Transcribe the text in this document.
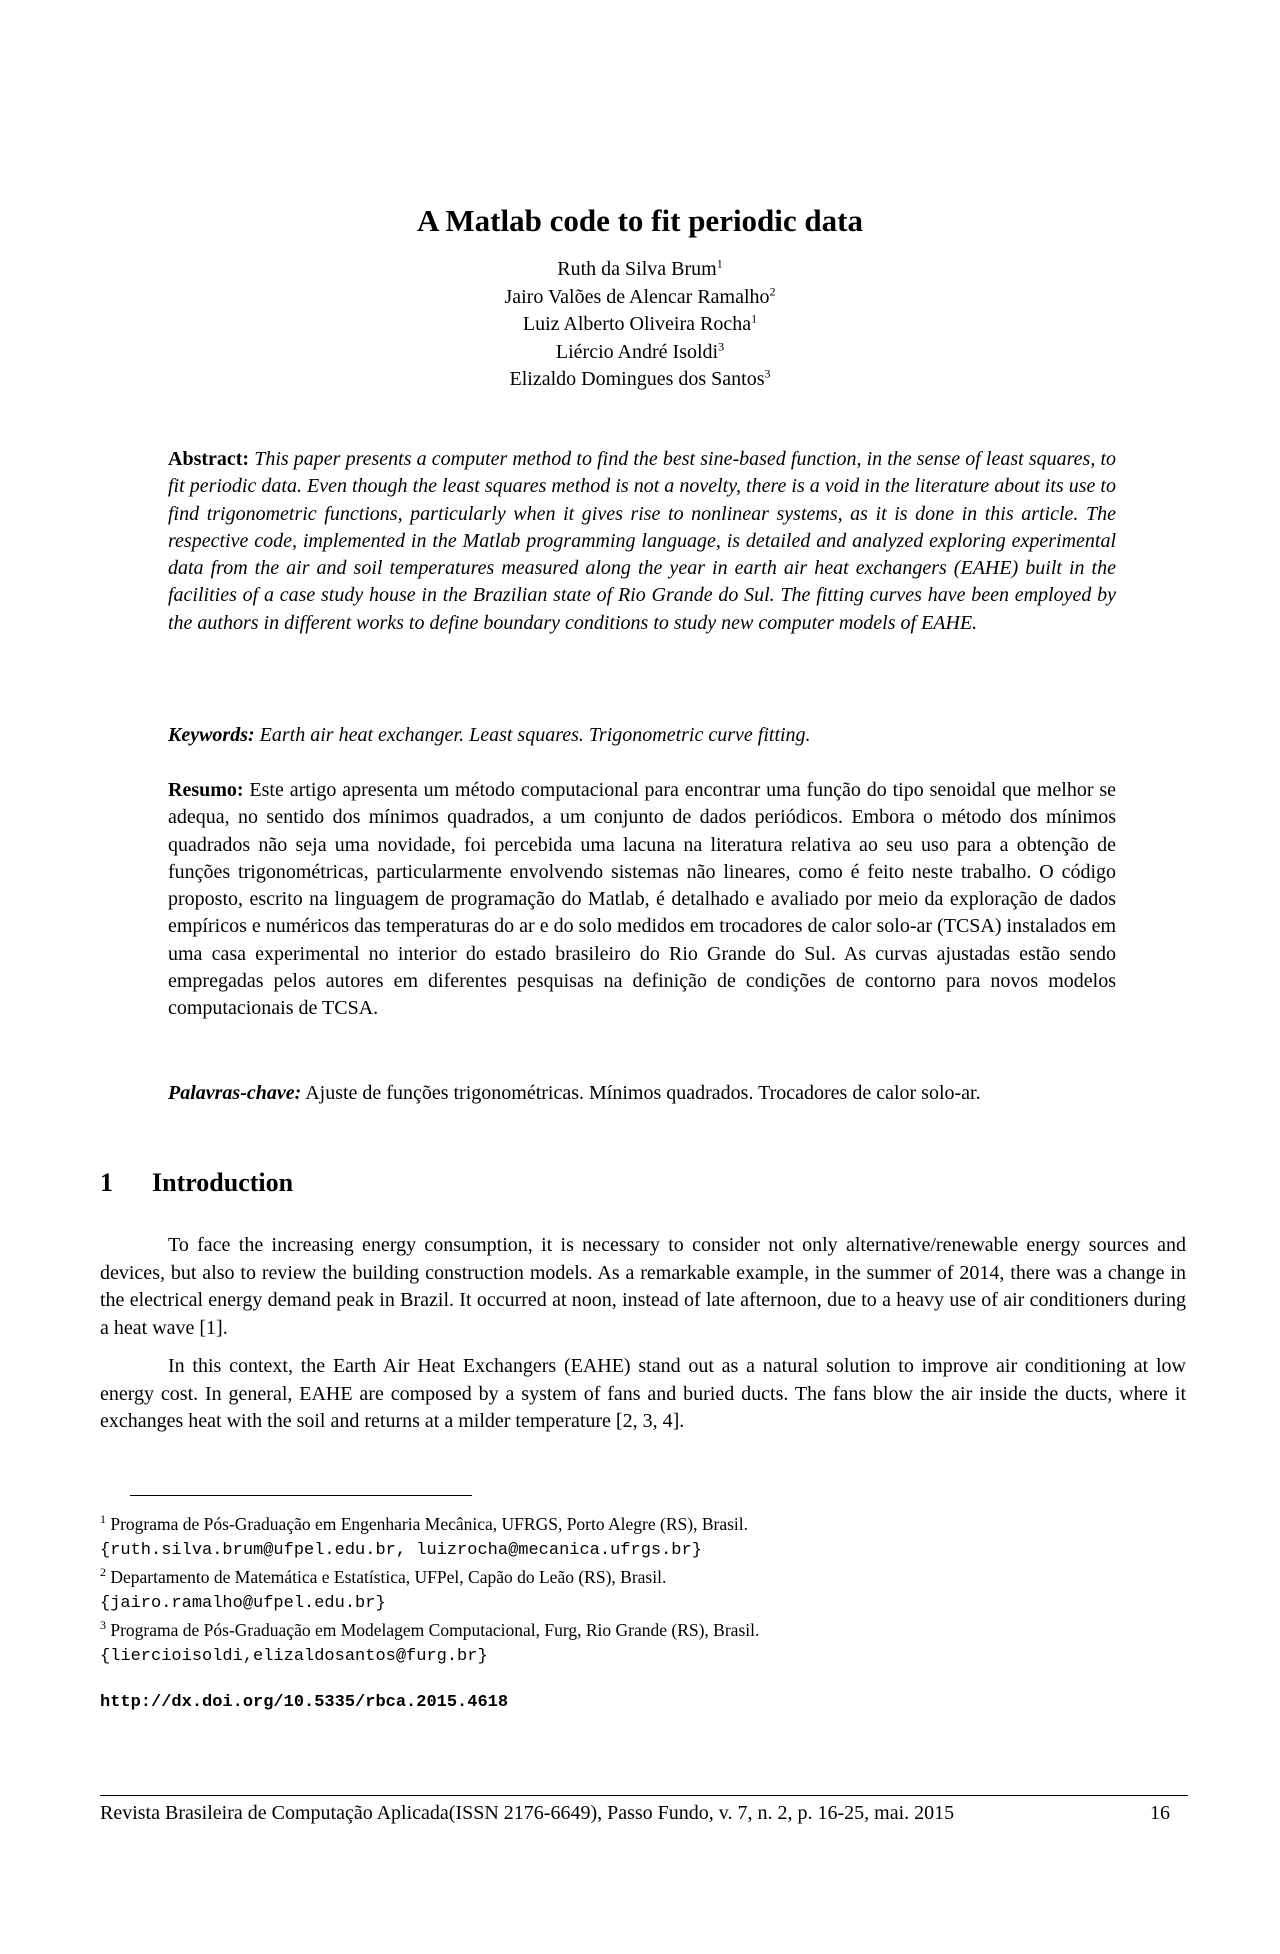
A Matlab code to fit periodic data
Ruth da Silva Brum$^1$
Jairo Valões de Alencar Ramalho$^2$
Luiz Alberto Oliveira Rocha$^1$
Liércio André Isoldi$^3$
Elizaldo Domingues dos Santos$^3$
Abstract: This paper presents a computer method to find the best sine-based function, in the sense of least squares, to fit periodic data. Even though the least squares method is not a novelty, there is a void in the literature about its use to find trigonometric functions, particularly when it gives rise to nonlinear systems, as it is done in this article. The respective code, implemented in the Matlab programming language, is detailed and analyzed exploring experimental data from the air and soil temperatures measured along the year in earth air heat exchangers (EAHE) built in the facilities of a case study house in the Brazilian state of Rio Grande do Sul. The fitting curves have been employed by the authors in different works to define boundary conditions to study new computer models of EAHE.
Keywords: Earth air heat exchanger. Least squares. Trigonometric curve fitting.
Resumo: Este artigo apresenta um método computacional para encontrar uma função do tipo senoidal que melhor se adequa, no sentido dos mínimos quadrados, a um conjunto de dados periódicos. Embora o método dos mínimos quadrados não seja uma novidade, foi percebida uma lacuna na literatura relativa ao seu uso para a obtenção de funções trigonométricas, particularmente envolvendo sistemas não lineares, como é feito neste trabalho. O código proposto, escrito na linguagem de programação do Matlab, é detalhado e avaliado por meio da exploração de dados empíricos e numéricos das temperaturas do ar e do solo medidos em trocadores de calor solo-ar (TCSA) instalados em uma casa experimental no interior do estado brasileiro do Rio Grande do Sul. As curvas ajustadas estão sendo empregadas pelos autores em diferentes pesquisas na definição de condições de contorno para novos modelos computacionais de TCSA.
Palavras-chave: Ajuste de funções trigonométricas. Mínimos quadrados. Trocadores de calor solo-ar.
1 Introduction
To face the increasing energy consumption, it is necessary to consider not only alternative/renewable energy sources and devices, but also to review the building construction models. As a remarkable example, in the summer of 2014, there was a change in the electrical energy demand peak in Brazil. It occurred at noon, instead of late afternoon, due to a heavy use of air conditioners during a heat wave [1].
In this context, the Earth Air Heat Exchangers (EAHE) stand out as a natural solution to improve air conditioning at low energy cost. In general, EAHE are composed by a system of fans and buried ducts. The fans blow the air inside the ducts, where it exchanges heat with the soil and returns at a milder temperature [2, 3, 4].
$^1$ Programa de Pós-Graduação em Engenharia Mecânica, UFRGS, Porto Alegre (RS), Brasil.
{ruth.silva.brum@ufpel.edu.br, luizrocha@mecanica.ufrgs.br}
$^2$ Departamento de Matemática e Estatística, UFPel, Capão do Leão (RS), Brasil.
{jairo.ramalho@ufpel.edu.br}
$^3$ Programa de Pós-Graduação em Modelagem Computacional, Furg, Rio Grande (RS), Brasil.
{liercioisoldi,elizaldosantos@furg.br}
http://dx.doi.org/10.5335/rbca.2015.4618
Revista Brasileira de Computação Aplicada(ISSN 2176-6649), Passo Fundo, v. 7, n. 2, p. 16-25, mai. 2015	16
